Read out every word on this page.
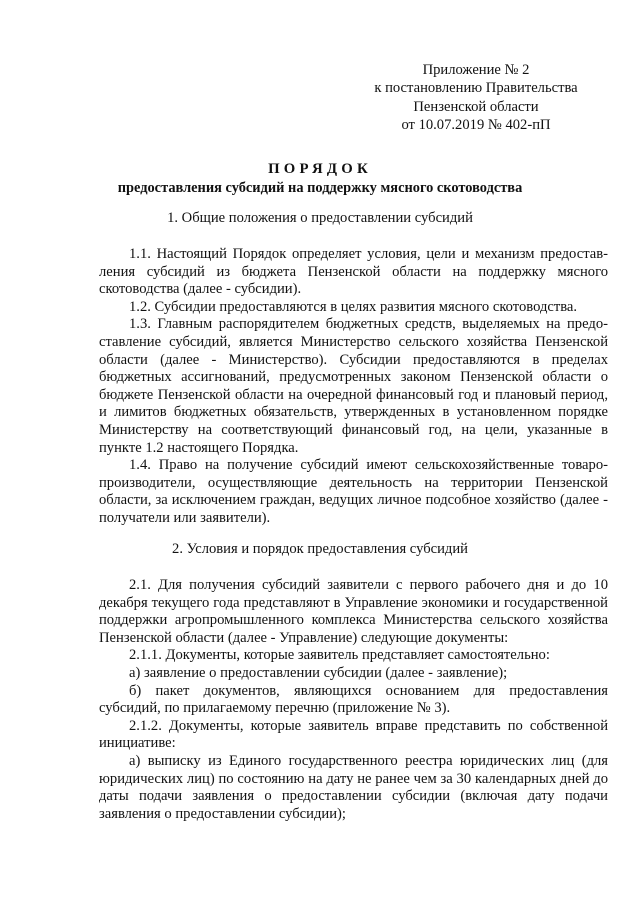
Приложение № 2
к постановлению Правительства
Пензенской области
от 10.07.2019 № 402-пП
ПОРЯДОК
предоставления субсидий на поддержку мясного скотоводства
1. Общие положения о предоставлении субсидий

1.1. Настоящий Порядок определяет условия, цели и механизм предоставления субсидий из бюджета Пензенской области на поддержку мясного скотоводства (далее - субсидии).

1.2. Субсидии предоставляются в целях развития мясного скотоводства.

1.3. Главным распорядителем бюджетных средств, выделяемых на предоставление субсидий, является Министерство сельского хозяйства Пензенской области (далее - Министерство). Субсидии предоставляются в пределах бюджетных ассигнований, предусмотренных законом Пензенской области о бюджете Пензенской области на очередной финансовый год и плановый период, и лимитов бюджетных обязательств, утвержденных в установленном порядке Министерству на соответствующий финансовый год, на цели, указанные в пункте 1.2 настоящего Порядка.

1.4. Право на получение субсидий имеют сельскохозяйственные товаропроизводители, осуществляющие деятельность на территории Пензенской области, за исключением граждан, ведущих личное подсобное хозяйство (далее - получатели или заявители).

2. Условия и порядок предоставления субсидий

2.1. Для получения субсидий заявители с первого рабочего дня и до 10 декабря текущего года представляют в Управление экономики и государственной поддержки агропромышленного комплекса Министерства сельского хозяйства Пензенской области (далее - Управление) следующие документы:

2.1.1. Документы, которые заявитель представляет самостоятельно:

а) заявление о предоставлении субсидии (далее - заявление);

б) пакет документов, являющихся основанием для предоставления субсидий, по прилагаемому перечню (приложение № 3).

2.1.2. Документы, которые заявитель вправе представить по собственной инициативе:

а) выписку из Единого государственного реестра юридических лиц (для юридических лиц) по состоянию на дату не ранее чем за 30 календарных дней до даты подачи заявления о предоставлении субсидии (включая дату подачи заявления о предоставлении субсидии);
